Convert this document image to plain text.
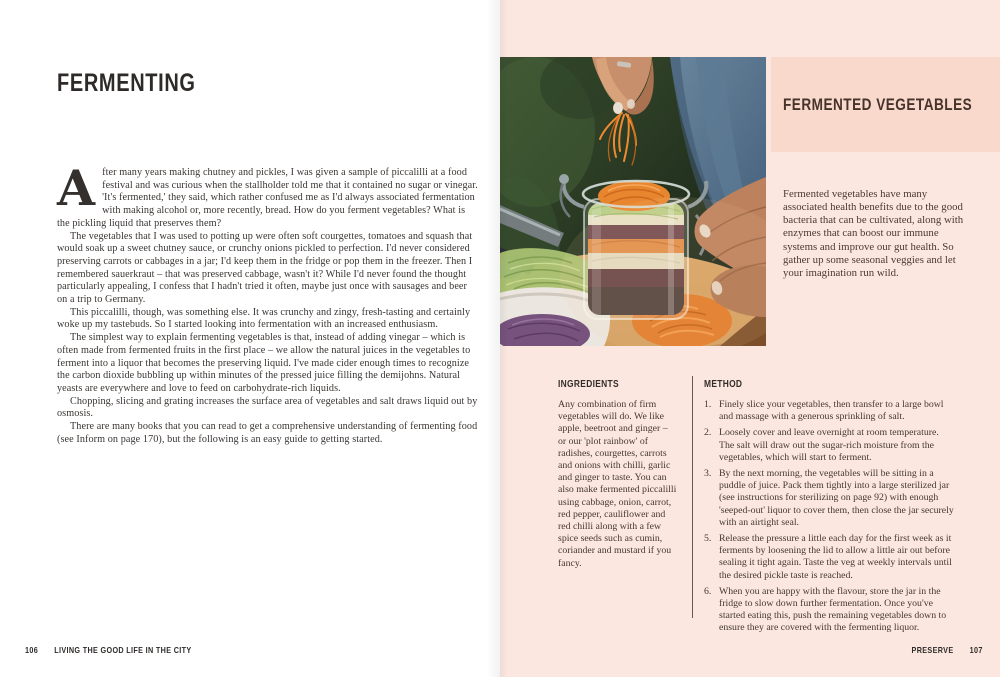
FERMENTING

After many years making chutney and pickles, I was given a sample of piccalilli at a food festival and was curious when the stallholder told me that it contained no sugar or vinegar. 'It's fermented,' they said, which rather confused me as I'd always associated fermentation with making alcohol or, more recently, bread. How do you ferment vegetables? What is the pickling liquid that preserves them?

The vegetables that I was used to potting up were often soft courgettes, tomatoes and squash that would soak up a sweet chutney sauce, or crunchy onions pickled to perfection. I'd never considered preserving carrots or cabbages in a jar; I'd keep them in the fridge or pop them in the freezer. Then I remembered sauerkraut – that was preserved cabbage, wasn't it? While I'd never found the thought particularly appealing, I confess that I hadn't tried it often, maybe just once with sausages and beer on a trip to Germany.

This piccalilli, though, was something else. It was crunchy and zingy, fresh-tasting and certainly woke up my tastebuds. So I started looking into fermentation with an increased enthusiasm.

The simplest way to explain fermenting vegetables is that, instead of adding vinegar – which is often made from fermented fruits in the first place – we allow the natural juices in the vegetables to ferment into a liquor that becomes the preserving liquid. I've made cider enough times to recognize the carbon dioxide bubbling up within minutes of the pressed juice filling the demijohns. Natural yeasts are everywhere and love to feed on carbohydrate-rich liquids.

Chopping, slicing and grating increases the surface area of vegetables and salt draws liquid out by osmosis.

There are many books that you can read to get a comprehensive understanding of fermenting food (see Inform on page 170), but the following is an easy guide to getting started.

106 LIVING THE GOOD LIFE IN THE CITY
FERMENTED VEGETABLES

Fermented vegetables have many associated health benefits due to the good bacteria that can be cultivated, along with enzymes that can boost our immune systems and improve our gut health. So gather up some seasonal veggies and let your imagination run wild.

INGREDIENTS
Any combination of firm vegetables will do. We like apple, beetroot and ginger – or our 'plot rainbow' of radishes, courgettes, carrots and onions with chilli, garlic and ginger to taste. You can also make fermented piccalilli using cabbage, onion, carrot, red pepper, cauliflower and red chilli along with a few spice seeds such as cumin, coriander and mustard if you fancy.
METHOD
1. Finely slice your vegetables, then transfer to a large bowl and massage with a generous sprinkling of salt.
2. Loosely cover and leave overnight at room temperature. The salt will draw out the sugar-rich moisture from the vegetables, which will start to ferment.
3. By the next morning, the vegetables will be sitting in a puddle of juice. Pack them tightly into a large sterilized jar (see instructions for sterilizing on page 92) with enough 'seeped-out' liquor to cover them, then close the jar securely with an airtight seal.
5. Release the pressure a little each day for the first week as it ferments by loosening the lid to allow a little air out before sealing it tight again. Taste the veg at weekly intervals until the desired pickle taste is reached.
6. When you are happy with the flavour, store the jar in the fridge to slow down further fermentation. Once you've started eating this, push the remaining vegetables down to ensure they are covered with the fermenting liquor.
PRESERVE 107
